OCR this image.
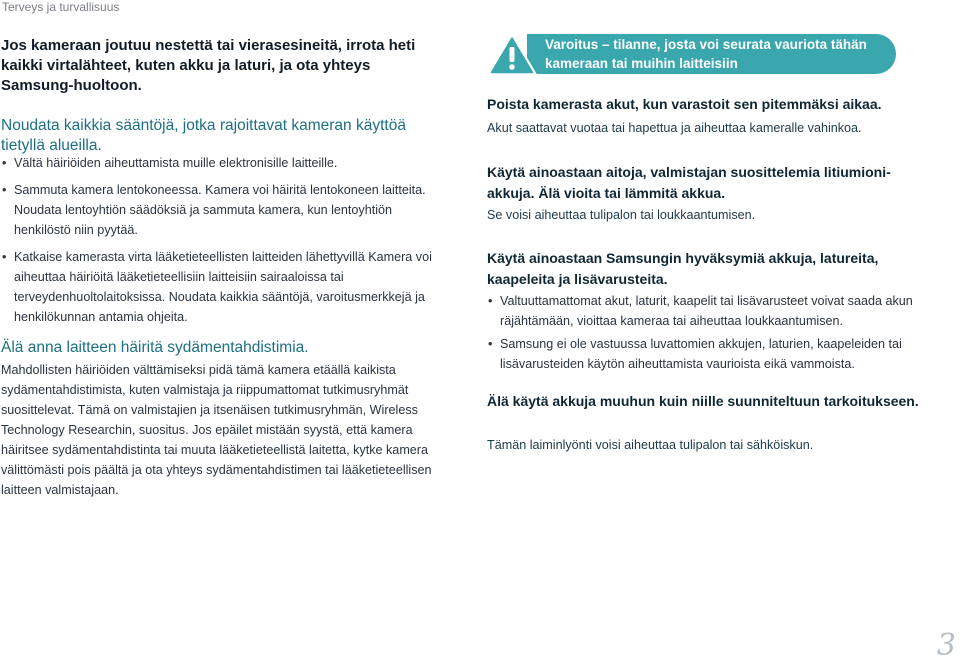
Terveys ja turvallisuus
Jos kameraan joutuu nestettä tai vierasesineitä, irrota heti kaikki virtalähteet, kuten akku ja laturi, ja ota yhteys Samsung-huoltoon.
Noudata kaikkia sääntöjä, jotka rajoittavat kameran käyttöä tietyllä alueilla.
• Vältä häiriöiden aiheuttamista muille elektronisille laitteille.
• Sammuta kamera lentokoneessa. Kamera voi häiritä lentokoneen laitteita. Noudata lentoyhtiön säädöksiä ja sammuta kamera, kun lentoyhtiön henkilöstö niin pyytää.
• Katkaise kamerasta virta lääketieteellisten laitteiden lähettyvillä Kamera voi aiheuttaa häiriöitä lääketieteellisiin laitteisiin sairaaloissa tai terveydenhuoltolaitoksissa. Noudata kaikkia sääntöjä, varoitusmerkkejä ja henkilökunnan antamia ohjeita.
Älä anna laitteen häiritä sydämentahdistimia.

Mahdollisten häiriöiden välttämiseksi pidä tämä kamera etäällä kaikista sydämentahdistimista, kuten valmistaja ja riippumattomat tutkimusryhmät suosittelevat. Tämä on valmistajien ja itsenäisen tutkimusryhmän, Wireless Technology Researchin, suositus. Jos epäilet mistään syystä, että kamera häiritsee sydämentahdistinta tai muuta lääketieteellistä laitetta, kytke kamera välittömästi pois päältä ja ota yhteys sydämentahdistimen tai lääketieteellisen laitteen valmistajaan.

Varoitus – tilanne, josta voi seurata vauriota tähän kameraan tai muihin laitteisiin
Poista kamerasta akut, kun varastoit sen pitemmäksi aikaa.

Akut saattavat vuotaa tai hapettua ja aiheuttaa kameralle vahinkoa.

Käytä ainoastaan aitoja, valmistajan suosittelemia litiumioni-akkuja. Älä vioita tai lämmitä akkua.

Se voisi aiheuttaa tulipalon tai loukkaantumisen.

Käytä ainoastaan Samsungin hyväksymiä akkuja, latureita, kaapeleita ja lisävarusteita.
• Valtuuttamattomat akut, laturit, kaapelit tai lisävarusteet voivat saada akun räjähtämään, vioittaa kameraa tai aiheuttaa loukkaantumisen.
• Samsung ei ole vastuussa luvattomien akkujen, laturien, kaapeleiden tai lisävarusteiden käytön aiheuttamista vaurioista eikä vammoista.
Älä käytä akkuja muuhun kuin niille suunniteltuun tarkoitukseen.

Tämän laiminlyönti voisi aiheuttaa tulipalon tai sähköiskun.

3
